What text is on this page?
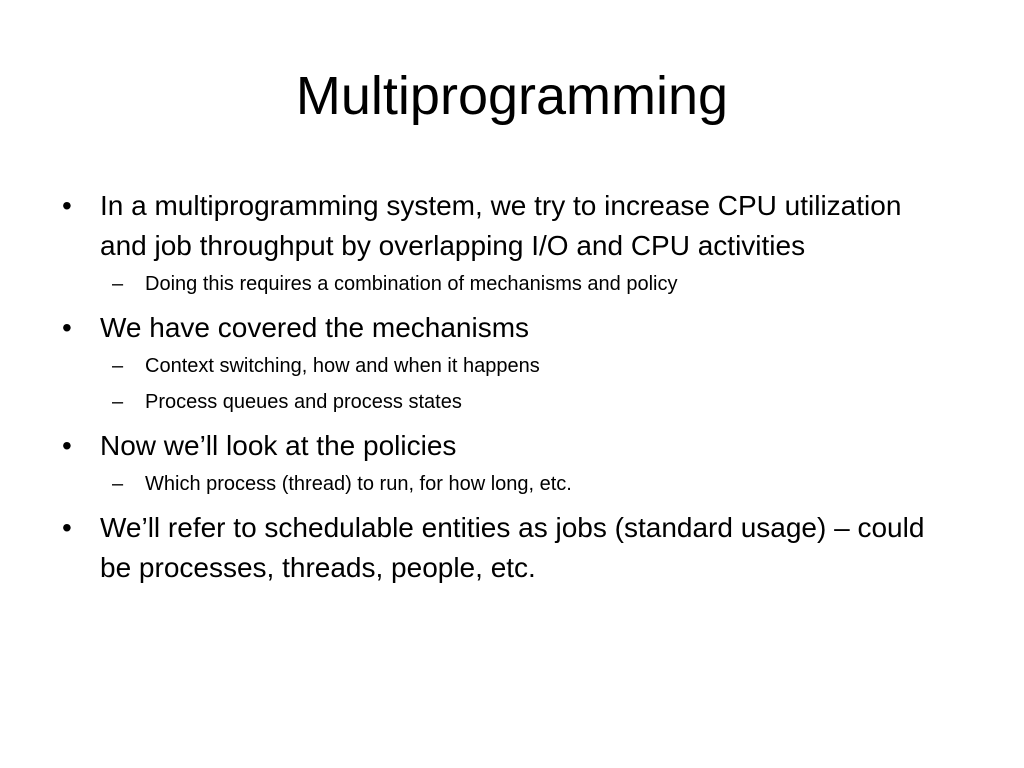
Multiprogramming
•	In a multiprogramming system, we try to increase CPU utilization and job throughput by overlapping I/O and CPU activities
– Doing this requires a combination of mechanisms and policy
•	We have covered the mechanisms
– Context switching, how and when it happens
– Process queues and process states
•	Now we’ll look at the policies
– Which process (thread) to run, for how long, etc.
•	We’ll refer to schedulable entities as jobs (standard usage) – could be processes, threads, people, etc.
